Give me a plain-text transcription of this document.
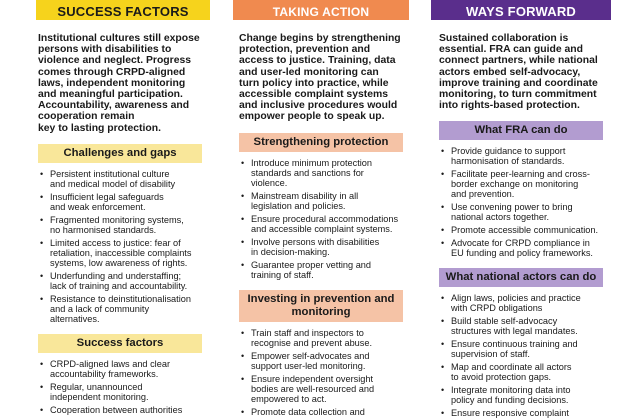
SUCCESS FACTORS
Institutional cultures still expose
persons with disabilities to
violence and neglect. Progress
comes through CRPD-aligned
laws, independent monitoring
and meaningful participation.
Accountability, awareness and
cooperation remain
key to lasting protection.
Challenges and gaps
• Persistent institutional culture
and medical model of disability
• Insufficient legal safeguards
and weak enforcement.
• Fragmented monitoring systems,
no harmonised standards.
• Limited access to justice: fear of
retaliation, inaccessible complaints
systems, low awareness of rights.
• Underfunding and understaffing;
lack of training and accountability.
• Resistance to deinstitutionalisation
and a lack of community
alternatives.
Success factors
• CRPD-aligned laws and clear
accountability frameworks.
• Regular, unannounced
independent monitoring.
• Cooperation between authorities
TAKING ACTION
Change begins by strengthening
protection, prevention and
access to justice. Training, data
and user-led monitoring can
turn policy into practice, while
accessible complaint systems
and inclusive procedures would
empower people to speak up.
Strengthening protection
• Introduce minimum protection
standards and sanctions for
violence.
• Mainstream disability in all
legislation and policies.
• Ensure procedural accommodations
and accessible complaint systems.
• Involve persons with disabilities
in decision-making.
• Guarantee proper vetting and
training of staff.
Investing in prevention and monitoring
• Train staff and inspectors to
recognise and prevent abuse.
• Empower self-advocates and
support user-led monitoring.
• Ensure independent oversight
bodies are well-resourced and
empowered to act.
• Promote data collection and
WAYS FORWARD
Sustained collaboration is
essential. FRA can guide and
connect partners, while national
actors embed self-advocacy,
improve training and coordinate
monitoring, to turn commitment
into rights-based protection.
What FRA can do
• Provide guidance to support
harmonisation of standards.
• Facilitate peer-learning and cross-
border exchange on monitoring
and prevention.
• Use convening power to bring
national actors together.
• Promote accessible communication.
• Advocate for CRPD compliance in
EU funding and policy frameworks.
What national actors can do
• Align laws, policies and practice
with CRPD obligations
• Build stable self-advocacy
structures with legal mandates.
• Ensure continuous training and
supervision of staff.
• Map and coordinate all actors
to avoid protection gaps.
• Integrate monitoring data into
policy and funding decisions.
• Ensure responsive complaint
